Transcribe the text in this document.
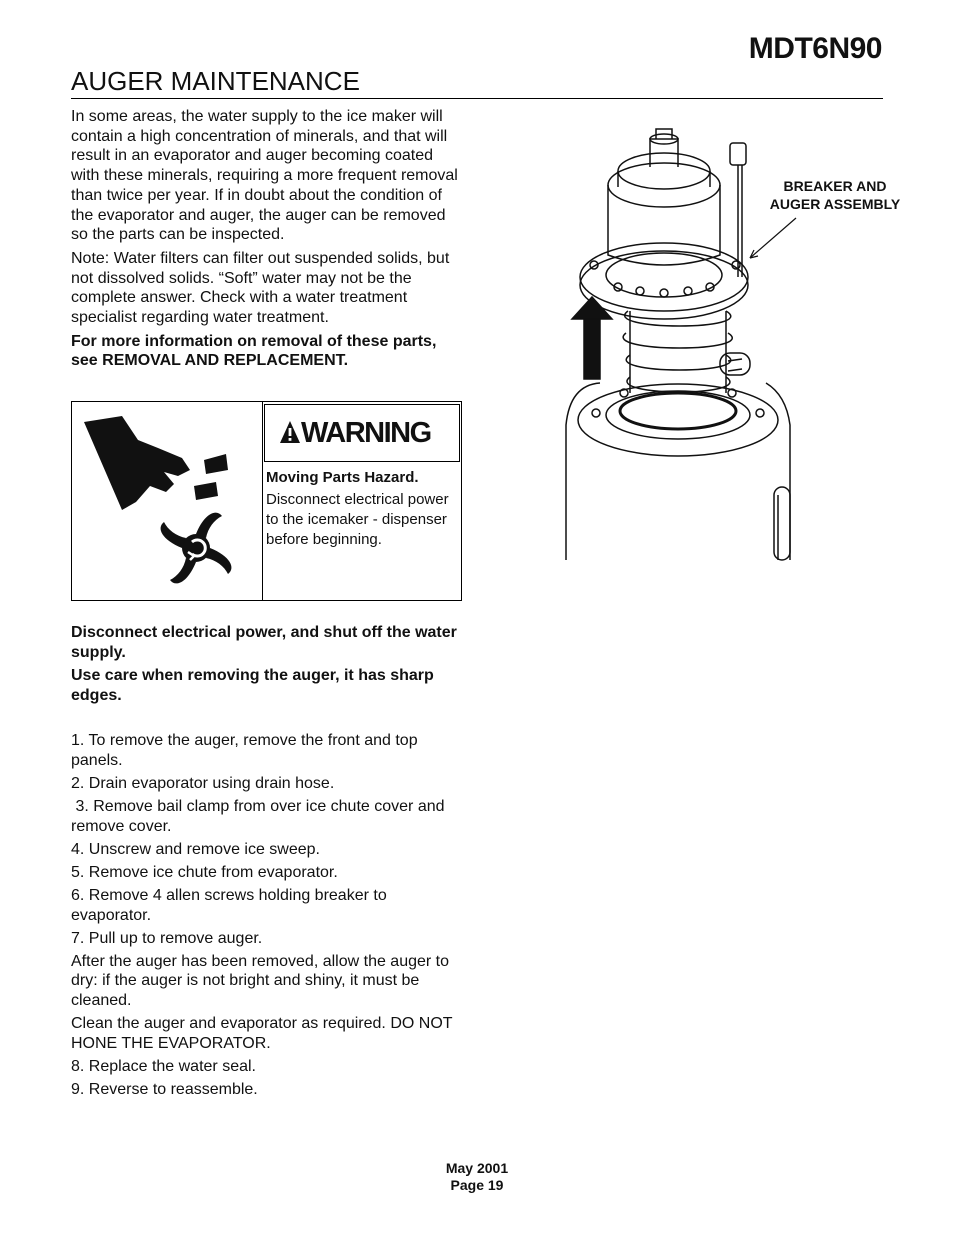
MDT6N90
AUGER MAINTENANCE

In some areas, the water supply to the ice maker will contain a high concentration of minerals, and that will result in an evaporator and auger becoming coated with these minerals, requiring a more frequent removal than twice per year. If in doubt about the condition of the evaporator and auger, the auger can be removed so the parts can be inspected.

Note: Water filters can filter out suspended solids, but not dissolved solids. “Soft” water may not be the complete answer. Check with a water treatment specialist regarding water treatment.

For more information on removal of these parts, see REMOVAL AND REPLACEMENT.

WARNING

Moving Parts Hazard.

Disconnect electrical power to the icemaker - dispenser before beginning.

Disconnect electrical power, and shut off the water supply.

Use care when removing the auger, it has sharp edges.

1. To remove the auger, remove the front and top panels.

2. Drain evaporator using drain hose.

3. Remove bail clamp from over ice chute cover and remove cover.

4. Unscrew and remove ice sweep.

5. Remove ice chute from evaporator.

6. Remove 4 allen screws holding breaker to evaporator.

7. Pull up to remove auger.

After the auger has been removed, allow the auger to dry: if the auger is not bright and shiny, it must be cleaned.

Clean the auger and evaporator as required. DO NOT HONE THE EVAPORATOR.

8. Replace the water seal.

9. Reverse to reassemble.

BREAKER AND
AUGER ASSEMBLY
May 2001
Page 19
